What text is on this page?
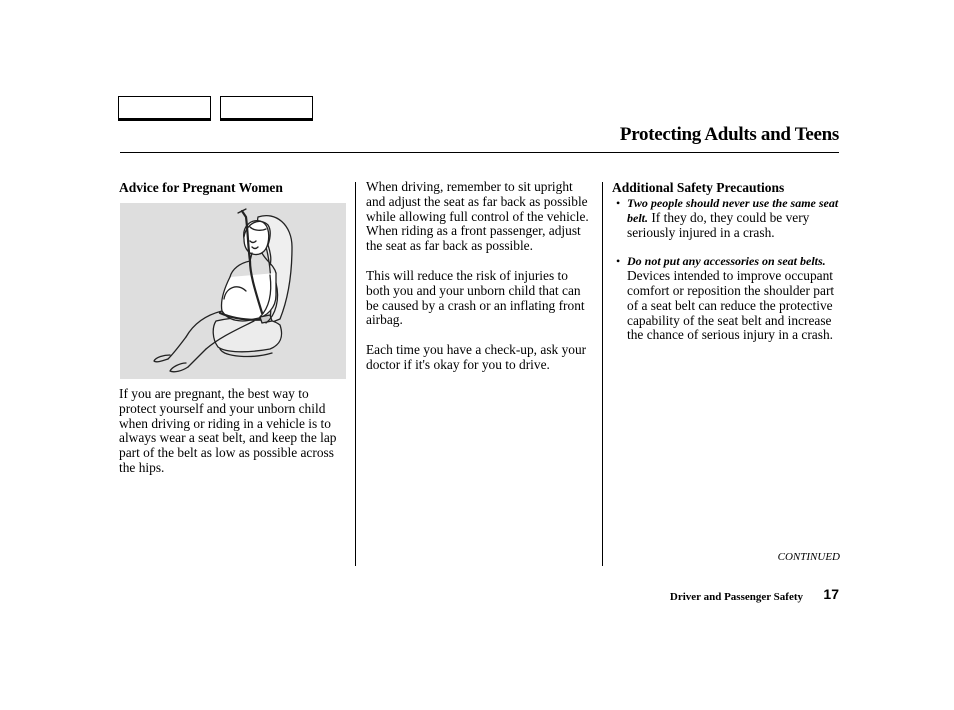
Protecting Adults and Teens
Advice for Pregnant Women
If you are pregnant, the best way to protect yourself and your unborn child when driving or riding in a vehicle is to always wear a seat belt, and keep the lap part of the belt as low as possible across the hips.
When driving, remember to sit upright and adjust the seat as far back as possible while allowing full control of the vehicle. When riding as a front passenger, adjust the seat as far back as possible.
This will reduce the risk of injuries to both you and your unborn child that can be caused by a crash or an inflating front airbag.
Each time you have a check-up, ask your doctor if it's okay for you to drive.
Additional Safety Precautions
• Two people should never use the same seat belt. If they do, they could be very seriously injured in a crash.
• Do not put any accessories on seat belts. Devices intended to improve occupant comfort or reposition the shoulder part of a seat belt can reduce the protective capability of the seat belt and increase the chance of serious injury in a crash.
CONTINUED
Driver and Passenger Safety 17
